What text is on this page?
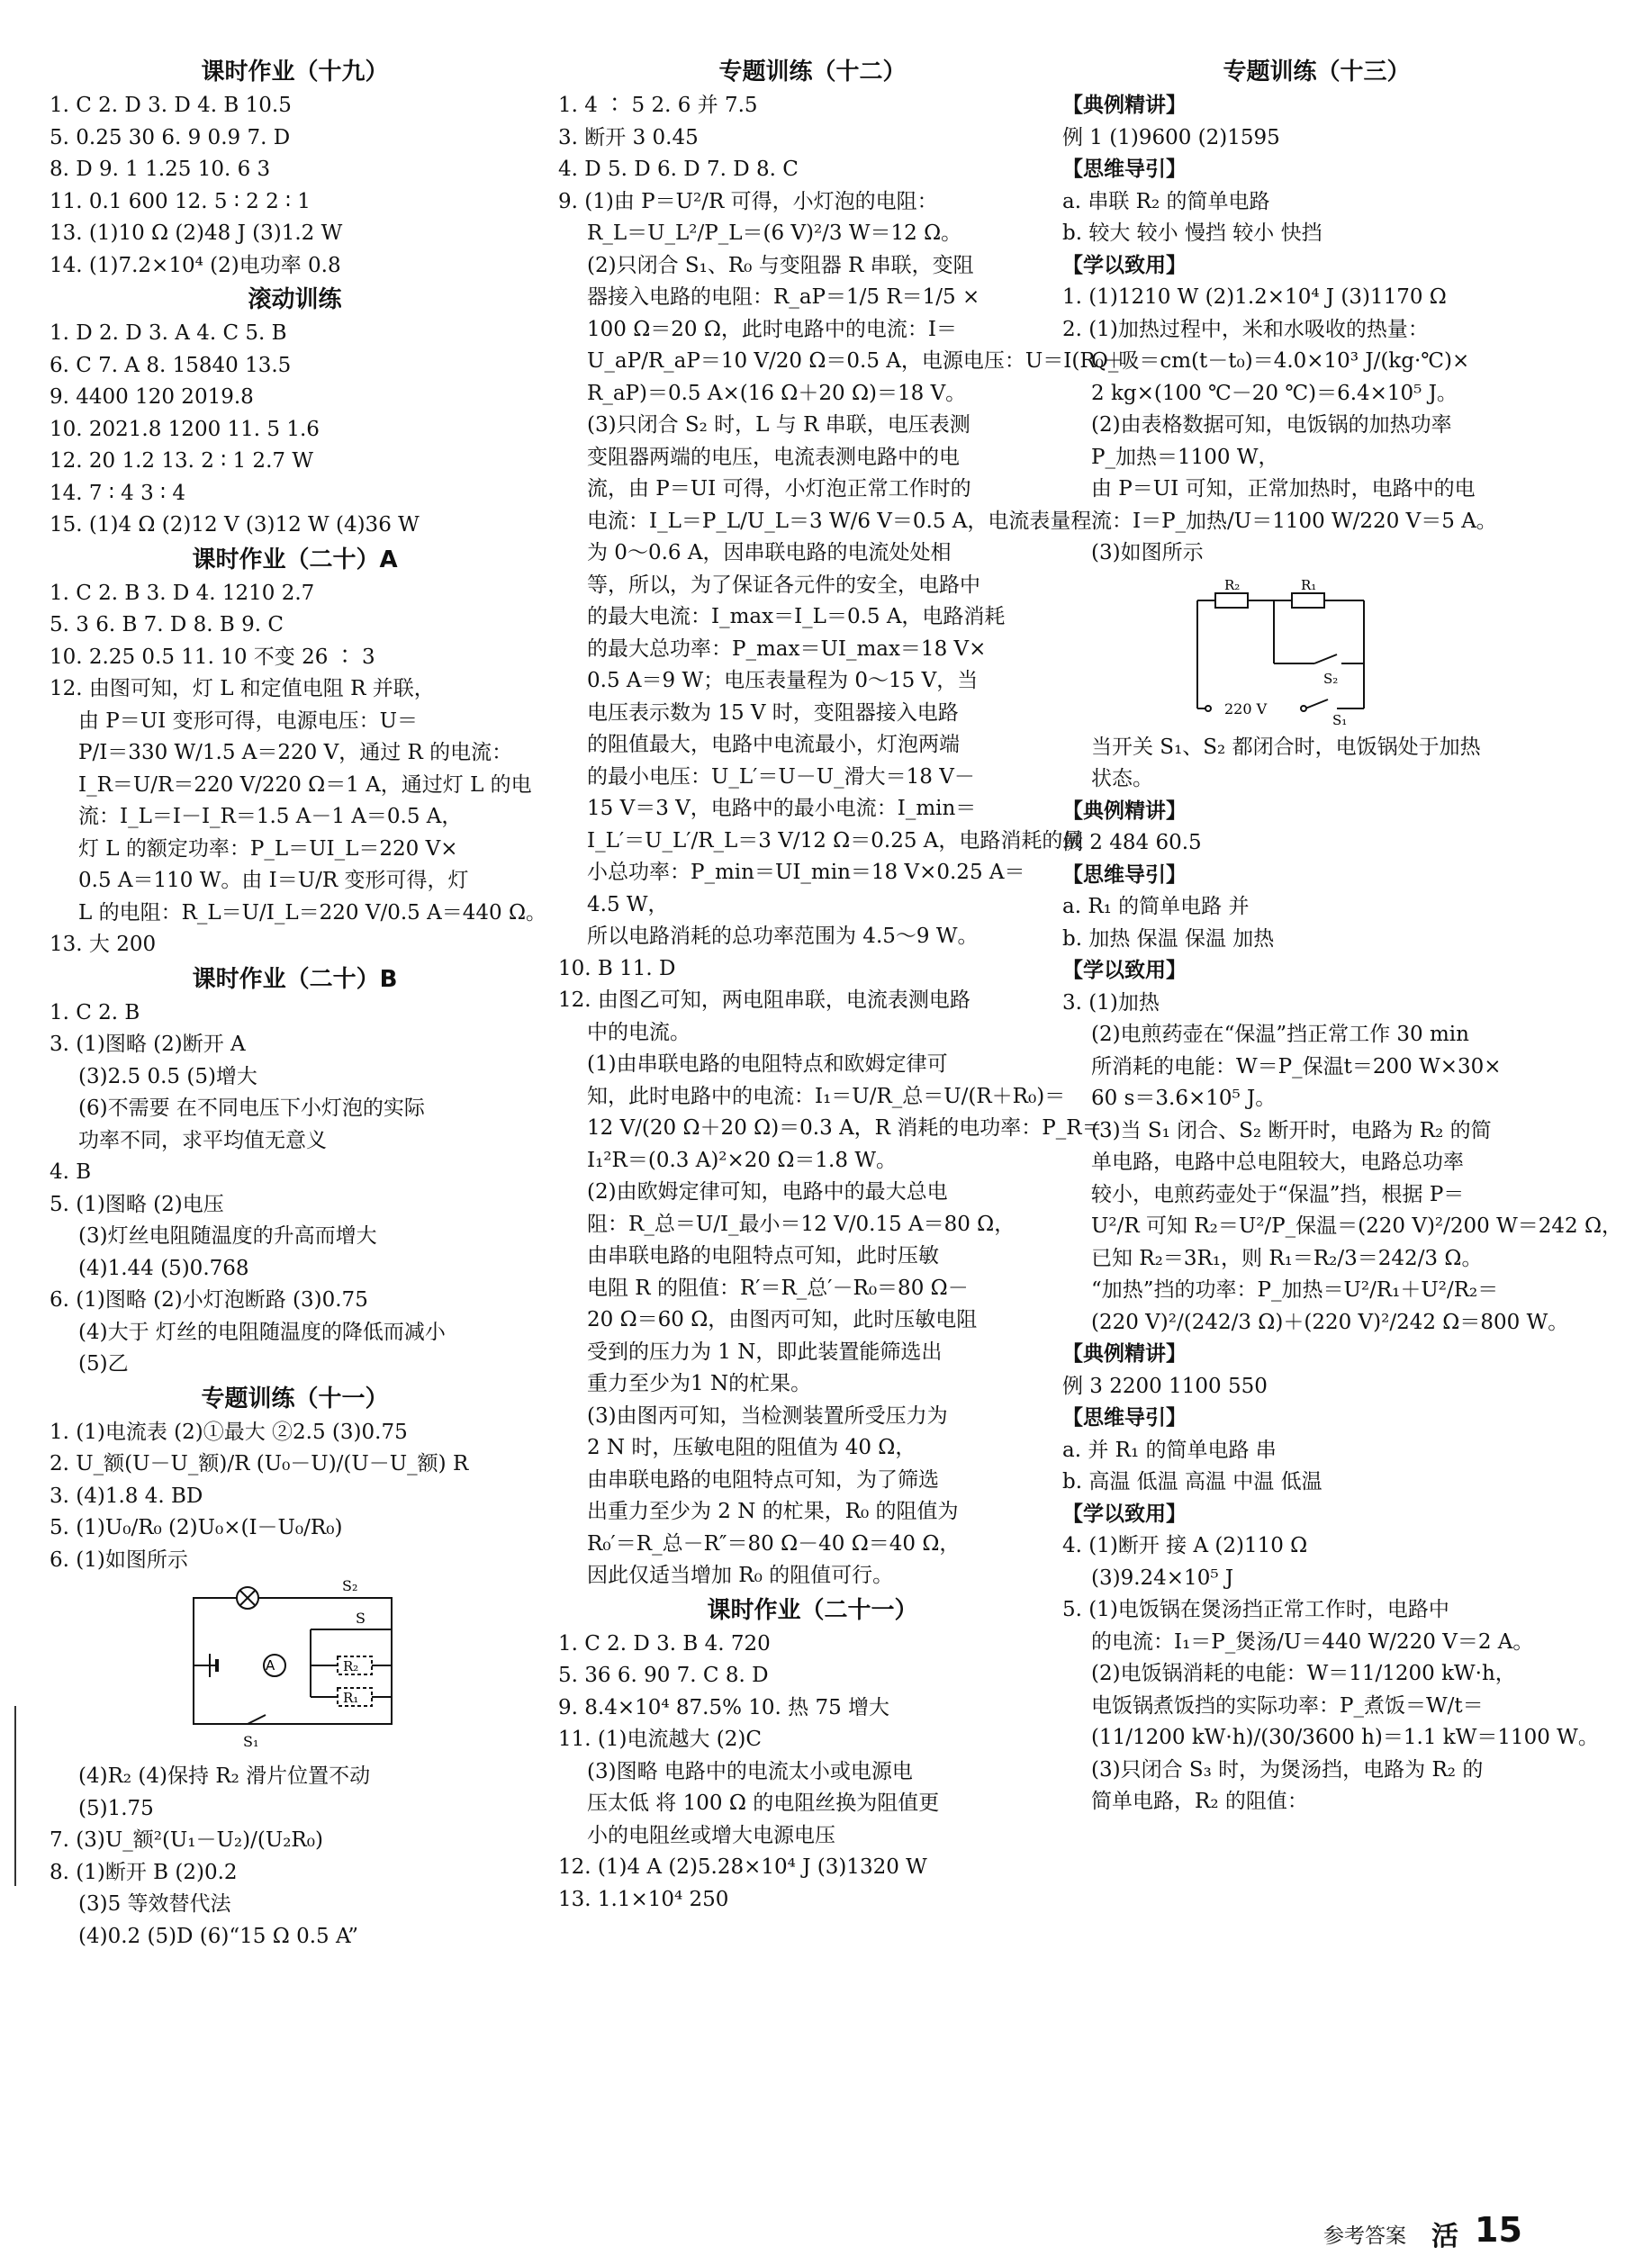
课时作业（十九）
1. C 2. D 3. D 4. B 10.5
5. 0.25 30 6. 9 0.9 7. D
8. D 9. 1 1.25 10. 6 3
11. 0.1 600 12. 5 ∶ 2 2 ∶ 1
13. (1)10 Ω (2)48 J (3)1.2 W
14. (1)7.2×10⁴ (2)电功率 0.8
滚动训练
1. D 2. D 3. A 4. C 5. B
6. C 7. A 8. 15840 13.5
9. 4400 120 2019.8
10. 2021.8 1200 11. 5 1.6
12. 20 1.2 13. 2 ∶ 1 2.7 W
14. 7 ∶ 4 3 ∶ 4
15. (1)4 Ω (2)12 V (3)12 W (4)36 W
课时作业（二十）A
1. C 2. B 3. D 4. 1210 2.7
5. 3 6. B 7. D 8. B 9. C
10. 2.25 0.5 11. 10 不变 26 ∶ 3
12. 由图可知，灯 L 和定值电阻 R 并联，
由 P＝UI 变形可得，电源电压：U＝
P/I＝330 W/1.5 A＝220 V，通过 R 的电流：
I_R＝U/R＝220 V/220 Ω＝1 A，通过灯 L 的电
流：I_L＝I－I_R＝1.5 A－1 A＝0.5 A，
灯 L 的额定功率：P_L＝UI_L＝220 V×
0.5 A＝110 W。由 I＝U/R 变形可得，灯
L 的电阻：R_L＝U/I_L＝220 V/0.5 A＝440 Ω。
13. 大 200
课时作业（二十）B
1. C 2. B
3. (1)图略 (2)断开 A
(3)2.5 0.5 (5)增大
(6)不需要 在不同电压下小灯泡的实际
功率不同，求平均值无意义
4. B
5. (1)图略 (2)电压
(3)灯丝电阻随温度的升高而增大
(4)1.44 (5)0.768
6. (1)图略 (2)小灯泡断路 (3)0.75
(4)大于 灯丝的电阻随温度的降低而减小
(5)乙
专题训练（十一）
1. (1)电流表 (2)①最大 ②2.5 (3)0.75
2. U_额(U－U_额)/R (U₀－U)/(U－U_额) R
3. (4)1.8 4. BD
5. (1)U₀/R₀ (2)U₀×(I－U₀/R₀)
6. (1)如图所示
A
S₂
S
R₂
R₁
S₁
(4)R₂ (4)保持 R₂ 滑片位置不动
(5)1.75
7. (3)U_额²(U₁－U₂)/(U₂R₀)
8. (1)断开 B (2)0.2
(3)5 等效替代法
(4)0.2 (5)D (6)“15 Ω 0.5 A”
专题训练（十二）
1. 4 ∶ 5 2. 6 并 7.5
3. 断开 3 0.45
4. D 5. D 6. D 7. D 8. C
9. (1)由 P＝U²/R 可得，小灯泡的电阻：
R_L＝U_L²/P_L＝(6 V)²/3 W＝12 Ω。
(2)只闭合 S₁、R₀ 与变阻器 R 串联，变阻
器接入电路的电阻：R_aP＝1/5 R＝1/5 ×
100 Ω＝20 Ω，此时电路中的电流：I＝
U_aP/R_aP＝10 V/20 Ω＝0.5 A，电源电压：U＝I(R₀＋
R_aP)＝0.5 A×(16 Ω＋20 Ω)＝18 V。
(3)只闭合 S₂ 时，L 与 R 串联，电压表测
变阻器两端的电压，电流表测电路中的电
流，由 P＝UI 可得，小灯泡正常工作时的
电流：I_L＝P_L/U_L＝3 W/6 V＝0.5 A，电流表量程
为 0～0.6 A，因串联电路的电流处处相
等，所以，为了保证各元件的安全，电路中
的最大电流：I_max＝I_L＝0.5 A，电路消耗
的最大总功率：P_max＝UI_max＝18 V×
0.5 A＝9 W；电压表量程为 0～15 V，当
电压表示数为 15 V 时，变阻器接入电路
的阻值最大，电路中电流最小，灯泡两端
的最小电压：U_L′＝U－U_滑大＝18 V－
15 V＝3 V，电路中的最小电流：I_min＝
I_L′＝U_L′/R_L＝3 V/12 Ω＝0.25 A，电路消耗的最
小总功率：P_min＝UI_min＝18 V×0.25 A＝
4.5 W，
所以电路消耗的总功率范围为 4.5～9 W。
10. B 11. D
12. 由图乙可知，两电阻串联，电流表测电路
中的电流。
(1)由串联电路的电阻特点和欧姆定律可
知，此时电路中的电流：I₁＝U/R_总＝U/(R＋R₀)＝
12 V/(20 Ω＋20 Ω)＝0.3 A，R 消耗的电功率：P_R＝
I₁²R＝(0.3 A)²×20 Ω＝1.8 W。
(2)由欧姆定律可知，电路中的最大总电
阻：R_总＝U/I_最小＝12 V/0.15 A＝80 Ω，
由串联电路的电阻特点可知，此时压敏
电阻 R 的阻值：R′＝R_总′－R₀＝80 Ω－
20 Ω＝60 Ω，由图丙可知，此时压敏电阻
受到的压力为 1 N，即此装置能筛选出
重力至少为1 N的杧果。
(3)由图丙可知，当检测装置所受压力为
2 N 时，压敏电阻的阻值为 40 Ω，
由串联电路的电阻特点可知，为了筛选
出重力至少为 2 N 的杧果，R₀ 的阻值为
R₀′＝R_总－R″＝80 Ω－40 Ω＝40 Ω，
因此仅适当增加 R₀ 的阻值可行。
课时作业（二十一）
1. C 2. D 3. B 4. 720
5. 36 6. 90 7. C 8. D
9. 8.4×10⁴ 87.5% 10. 热 75 增大
11. (1)电流越大 (2)C
(3)图略 电路中的电流太小或电源电
压太低 将 100 Ω 的电阻丝换为阻值更
小的电阻丝或增大电源电压
12. (1)4 A (2)5.28×10⁴ J (3)1320 W
13. 1.1×10⁴ 250
专题训练（十三）
【典例精讲】
例 1 (1)9600 (2)1595
【思维导引】
a. 串联 R₂ 的简单电路
b. 较大 较小 慢挡 较小 快挡
【学以致用】
1. (1)1210 W (2)1.2×10⁴ J (3)1170 Ω
2. (1)加热过程中，米和水吸收的热量：
Q_吸＝cm(t－t₀)＝4.0×10³ J/(kg·℃)×
2 kg×(100 ℃－20 ℃)＝6.4×10⁵ J。
(2)由表格数据可知，电饭锅的加热功率
P_加热＝1100 W，
由 P＝UI 可知，正常加热时，电路中的电
流：I＝P_加热/U＝1100 W/220 V＝5 A。
(3)如图所示
R₂	R₁
S₂
220 V
S₁
当开关 S₁、S₂ 都闭合时，电饭锅处于加热
状态。
【典例精讲】
例 2 484 60.5
【思维导引】
a. R₁ 的简单电路 并
b. 加热 保温 保温 加热
【学以致用】
3. (1)加热
(2)电煎药壶在“保温”挡正常工作 30 min
所消耗的电能：W＝P_保温t＝200 W×30×
60 s＝3.6×10⁵ J。
(3)当 S₁ 闭合、S₂ 断开时，电路为 R₂ 的简
单电路，电路中总电阻较大，电路总功率
较小，电煎药壶处于“保温”挡，根据 P＝
U²/R 可知 R₂＝U²/P_保温＝(220 V)²/200 W＝242 Ω，
已知 R₂＝3R₁，则 R₁＝R₂/3＝242/3 Ω。
“加热”挡的功率：P_加热＝U²/R₁＋U²/R₂＝
(220 V)²/(242/3 Ω)＋(220 V)²/242 Ω＝800 W。
【典例精讲】
例 3 2200 1100 550
【思维导引】
a. 并 R₁ 的简单电路 串
b. 高温 低温 高温 中温 低温
【学以致用】
4. (1)断开 接 A (2)110 Ω
(3)9.24×10⁵ J
5. (1)电饭锅在煲汤挡正常工作时，电路中
的电流：I₁＝P_煲汤/U＝440 W/220 V＝2 A。
(2)电饭锅消耗的电能：W＝11/1200 kW·h，
电饭锅煮饭挡的实际功率：P_煮饭＝W/t＝
(11/1200 kW·h)/(30/3600 h)＝1.1 kW＝1100 W。
(3)只闭合 S₃ 时，为煲汤挡，电路为 R₂ 的
简单电路，R₂ 的阻值：
参考答案 活 15
